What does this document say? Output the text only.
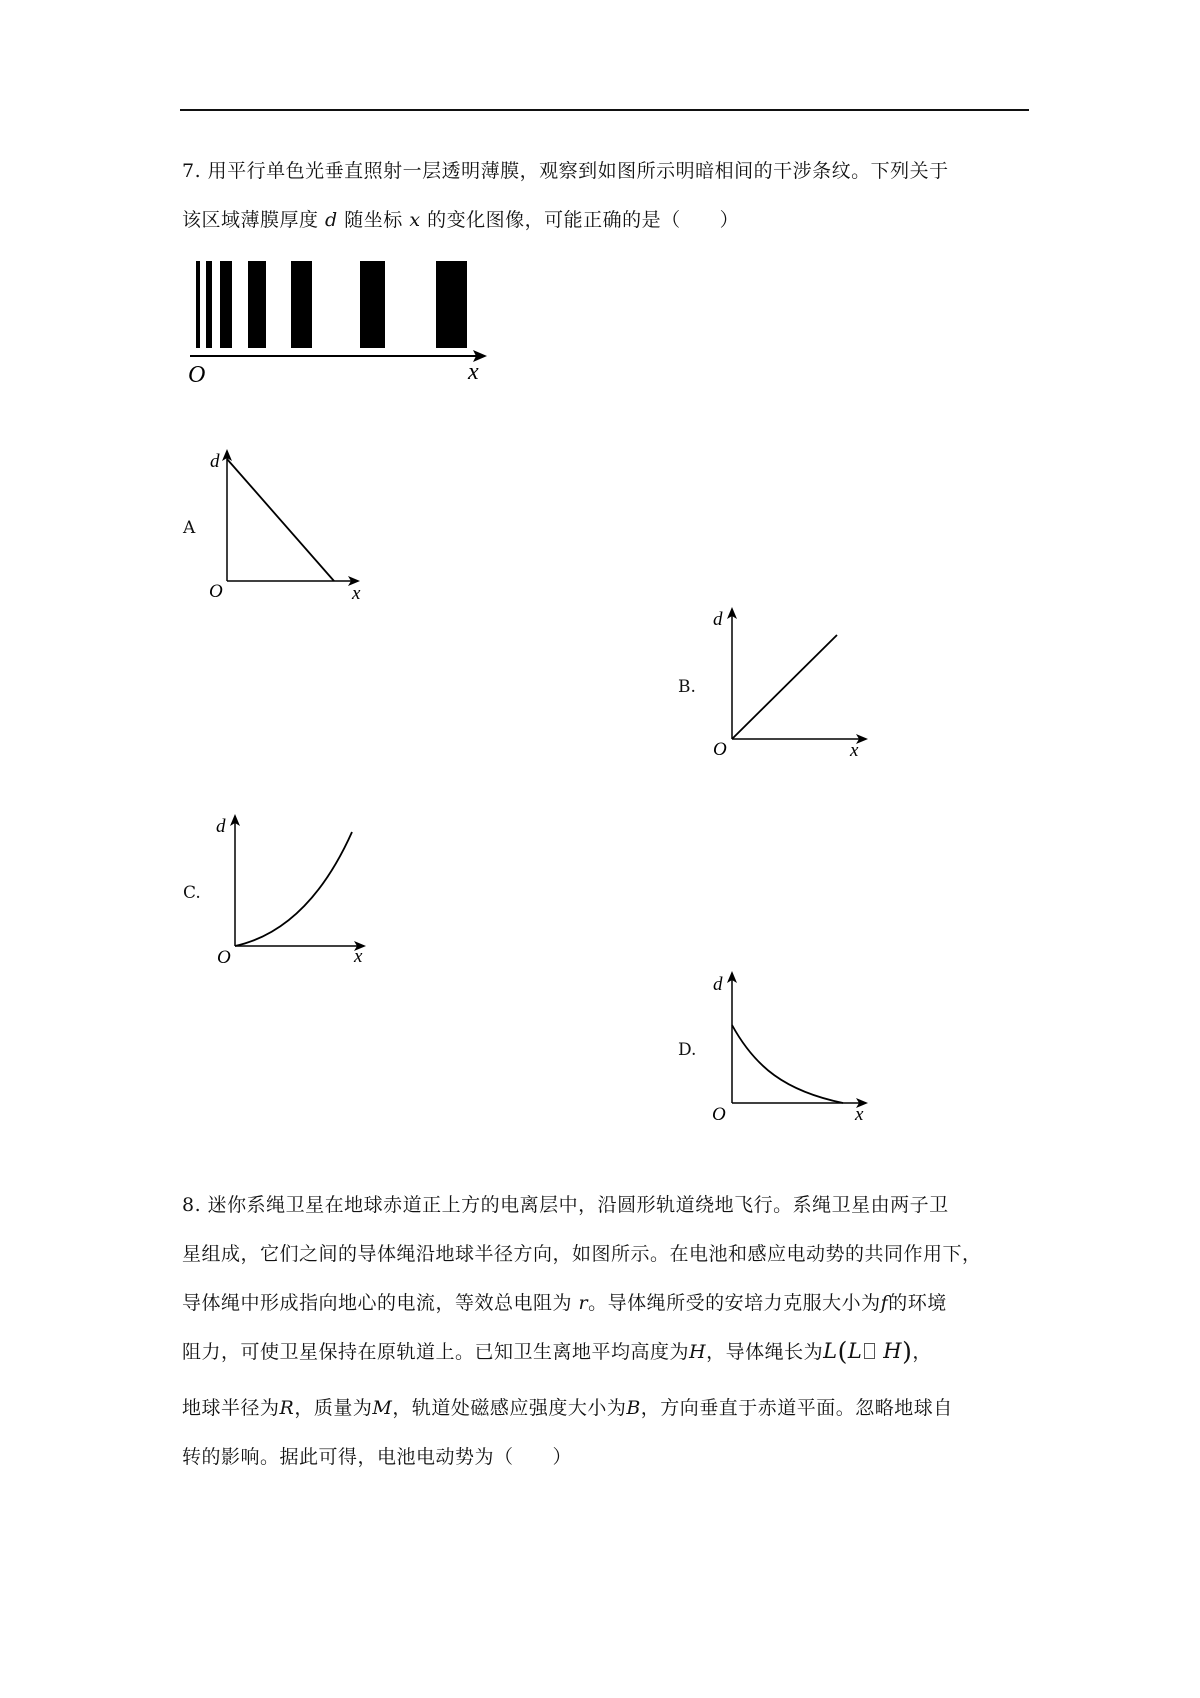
7. 用平行单色光垂直照射一层透明薄膜，观察到如图所示明暗相间的干涉条纹。下列关于
该区域薄膜厚度 d 随坐标 x 的变化图像，可能正确的是（　　）
O	x
A
d
O	x
B.
d
O	x
C.
d
O	x
D.
d
O	x
8. 迷你系绳卫星在地球赤道正上方的电离层中，沿圆形轨道绕地飞行。系绳卫星由两子卫
星组成，它们之间的导体绳沿地球半径方向，如图所示。在电池和感应电动势的共同作用下，
导体绳中形成指向地心的电流，等效总电阻为 r。导体绳所受的安培力克服大小为f的环境
阻力，可使卫星保持在原轨道上。已知卫生离地平均高度为H，导体绳长为L(L H)，
地球半径为R，质量为M，轨道处磁感应强度大小为B，方向垂直于赤道平面。忽略地球自
转的影响。据此可得，电池电动势为（　　）
